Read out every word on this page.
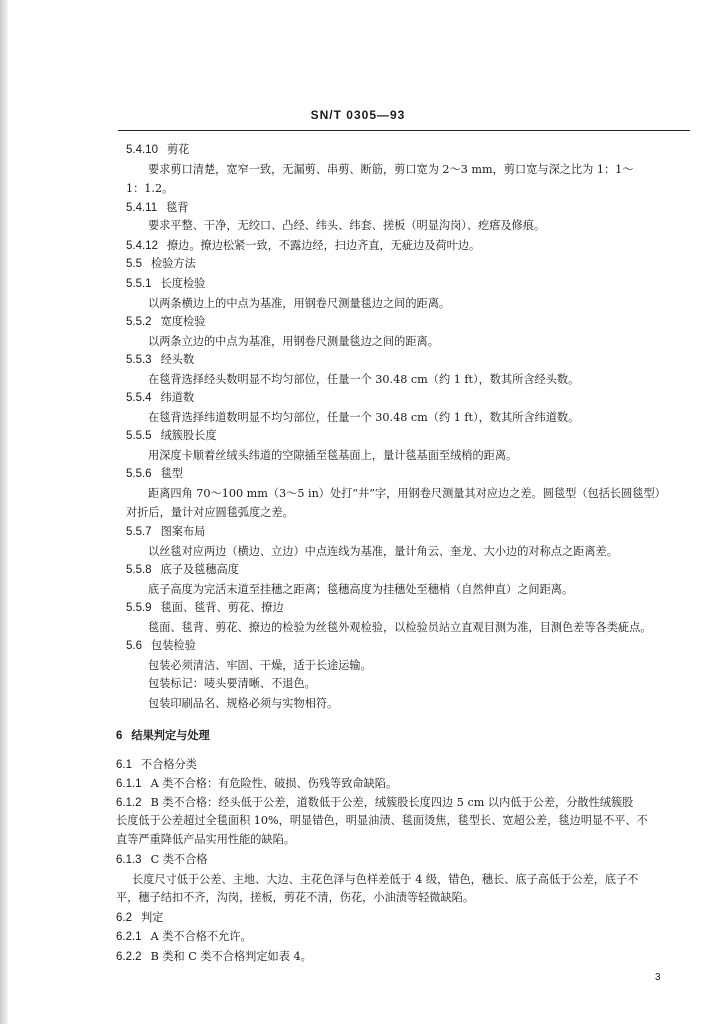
SN/T 0305—93
5.4.10 剪花
要求剪口清楚，宽窄一致，无漏剪、串剪、断筋，剪口宽为 2～3 mm，剪口宽与深之比为 1：1～
1：1.2。
5.4.11 毯背
要求平整、干净，无绞口、凸经、纬头、纬套、搓板（明显沟岗）、疙瘩及修痕。
5.4.12 撩边。撩边松紧一致，不露边经，扫边齐直，无疵边及荷叶边。
5.5 检验方法
5.5.1 长度检验
以两条横边上的中点为基准，用钢卷尺测量毯边之间的距离。
5.5.2 宽度检验
以两条立边的中点为基准，用钢卷尺测量毯边之间的距离。
5.5.3 经头数
在毯背选择经头数明显不均匀部位，任量一个 30.48 cm（约 1 ft），数其所含经头数。
5.5.4 纬道数
在毯背选择纬道数明显不均匀部位，任量一个 30.48 cm（约 1 ft），数其所含纬道数。
5.5.5 绒簇股长度
用深度卡顺着丝绒头纬道的空隙插至毯基面上，量计毯基面至绒梢的距离。
5.5.6 毯型
距离四角 70～100 mm（3～5 in）处打“井”字，用钢卷尺测量其对应边之差。圆毯型（包括长圆毯型）
对折后，量计对应圆毯弧度之差。
5.5.7 图案布局
以丝毯对应两边（横边、立边）中点连线为基准，量计角云、奎龙、大小边的对称点之距离差。
5.5.8 底子及毯穗高度
底子高度为完活末道至挂穗之距离；毯穗高度为挂穗处至穗梢（自然伸直）之间距离。
5.5.9 毯面、毯背、剪花、撩边
毯面、毯背、剪花、撩边的检验为丝毯外观检验，以检验员站立直观目测为准，目测色差等各类疵点。
5.6 包装检验
包装必须清洁、牢固、干燥，适于长途运输。
包装标记：唛头要清晰、不退色。
包装印刷品名、规格必须与实物相符。
6 结果判定与处理
6.1 不合格分类
6.1.1 A 类不合格：有危险性、破损、伤残等致命缺陷。
6.1.2 B 类不合格：经头低于公差，道数低于公差，绒簇股长度四边 5 cm 以内低于公差，分散性绒簇股
长度低于公差超过全毯面积 10%，明显错色，明显油渍、毯面烫焦，毯型长、宽超公差，毯边明显不平、不
直等严重降低产品实用性能的缺陷。
6.1.3 C 类不合格
长度尺寸低于公差、主地、大边、主花色泽与色样差低于 4 级，错色，穗长、底子高低于公差，底子不
平，穗子结扣不齐，沟岗，搓板，剪花不清，伤花，小油渍等轻微缺陷。
6.2 判定
6.2.1 A 类不合格不允许。
6.2.2 B 类和 C 类不合格判定如表 4。
3
